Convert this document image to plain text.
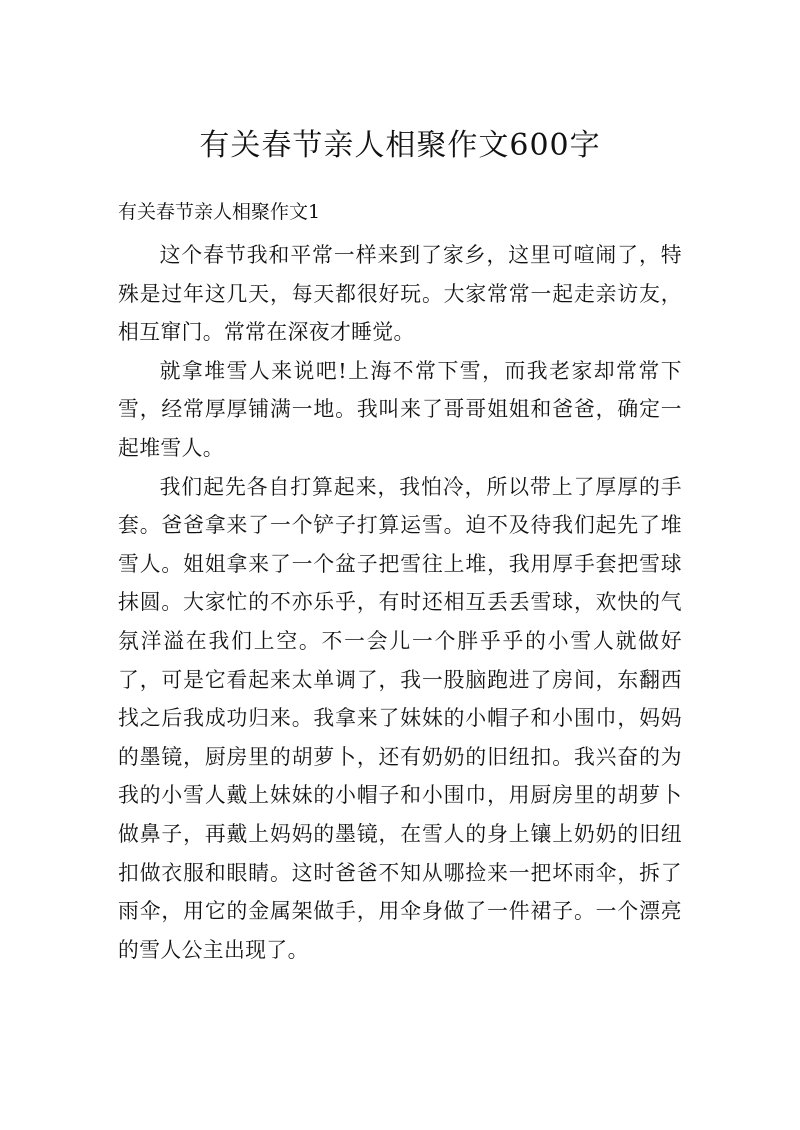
有关春节亲人相聚作文600字

有关春节亲人相聚作文1

这个春节我和平常一样来到了家乡，这里可喧闹了，特殊是过年这几天，每天都很好玩。大家常常一起走亲访友，相互窜门。常常在深夜才睡觉。

就拿堆雪人来说吧!上海不常下雪，而我老家却常常下雪，经常厚厚铺满一地。我叫来了哥哥姐姐和爸爸，确定一起堆雪人。

我们起先各自打算起来，我怕冷，所以带上了厚厚的手套。爸爸拿来了一个铲子打算运雪。迫不及待我们起先了堆雪人。姐姐拿来了一个盆子把雪往上堆，我用厚手套把雪球抹圆。大家忙的不亦乐乎，有时还相互丢丢雪球，欢快的气氛洋溢在我们上空。不一会儿一个胖乎乎的小雪人就做好了，可是它看起来太单调了，我一股脑跑进了房间，东翻西找之后我成功归来。我拿来了妹妹的小帽子和小围巾，妈妈的墨镜，厨房里的胡萝卜，还有奶奶的旧纽扣。我兴奋的为我的小雪人戴上妹妹的小帽子和小围巾，用厨房里的胡萝卜做鼻子，再戴上妈妈的墨镜，在雪人的身上镶上奶奶的旧纽扣做衣服和眼睛。这时爸爸不知从哪捡来一把坏雨伞，拆了雨伞，用它的金属架做手，用伞身做了一件裙子。一个漂亮的雪人公主出现了。
